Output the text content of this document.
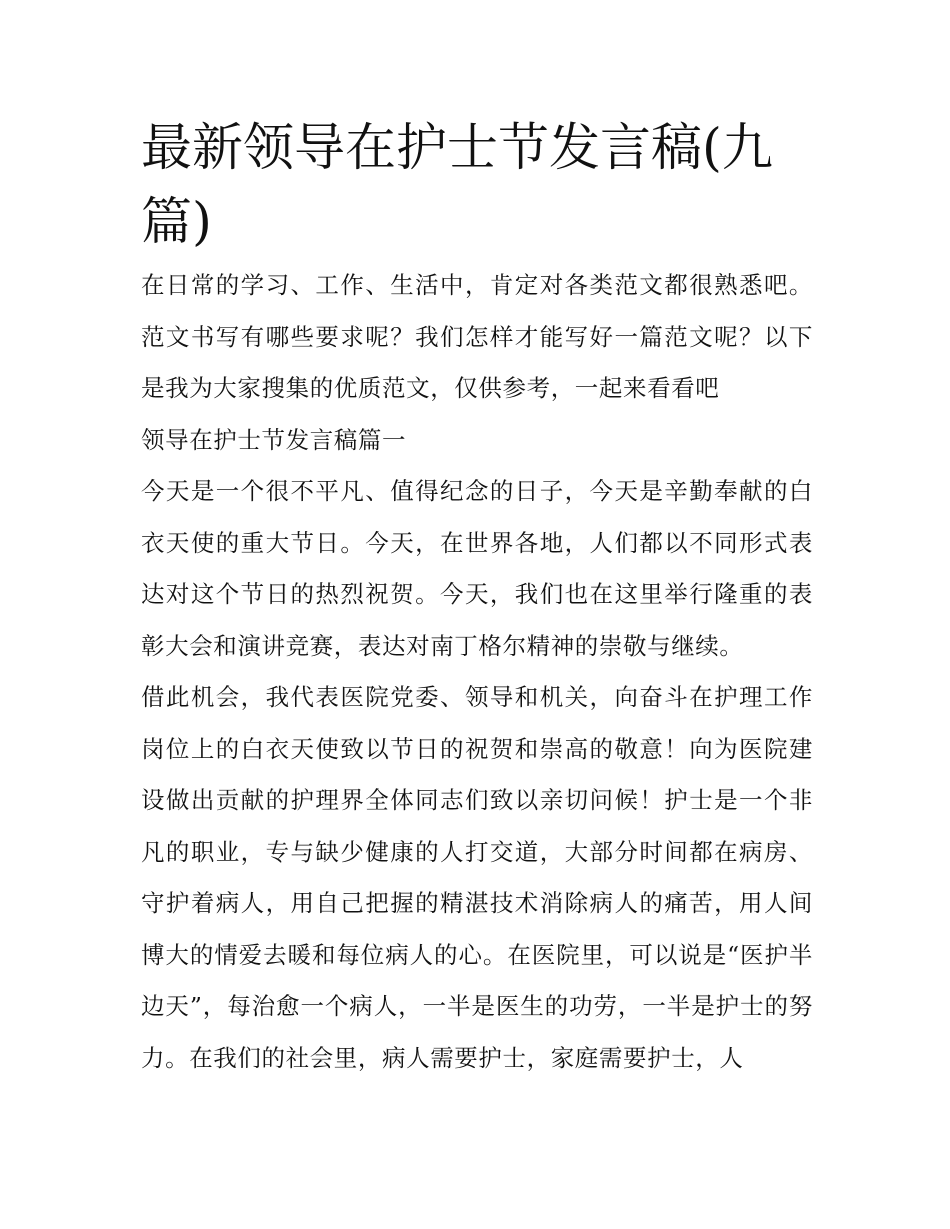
最新领导在护士节发言稿(九篇)

在日常的学习、工作、生活中，肯定对各类范文都很熟悉吧。范文书写有哪些要求呢？我们怎样才能写好一篇范文呢？以下是我为大家搜集的优质范文，仅供参考，一起来看看吧

领导在护士节发言稿篇一

今天是一个很不平凡、值得纪念的日子，今天是辛勤奉献的白衣天使的重大节日。今天，在世界各地，人们都以不同形式表达对这个节日的热烈祝贺。今天，我们也在这里举行隆重的表彰大会和演讲竞赛，表达对南丁格尔精神的崇敬与继续。

借此机会，我代表医院党委、领导和机关，向奋斗在护理工作岗位上的白衣天使致以节日的祝贺和崇高的敬意！向为医院建设做出贡献的护理界全体同志们致以亲切问候！护士是一个非凡的职业，专与缺少健康的人打交道，大部分时间都在病房、守护着病人，用自己把握的精湛技术消除病人的痛苦，用人间博大的情爱去暖和每位病人的心。在医院里，可以说是“医护半边天”，每治愈一个病人，一半是医生的功劳，一半是护士的努力。在我们的社会里，病人需要护士，家庭需要护士，人
